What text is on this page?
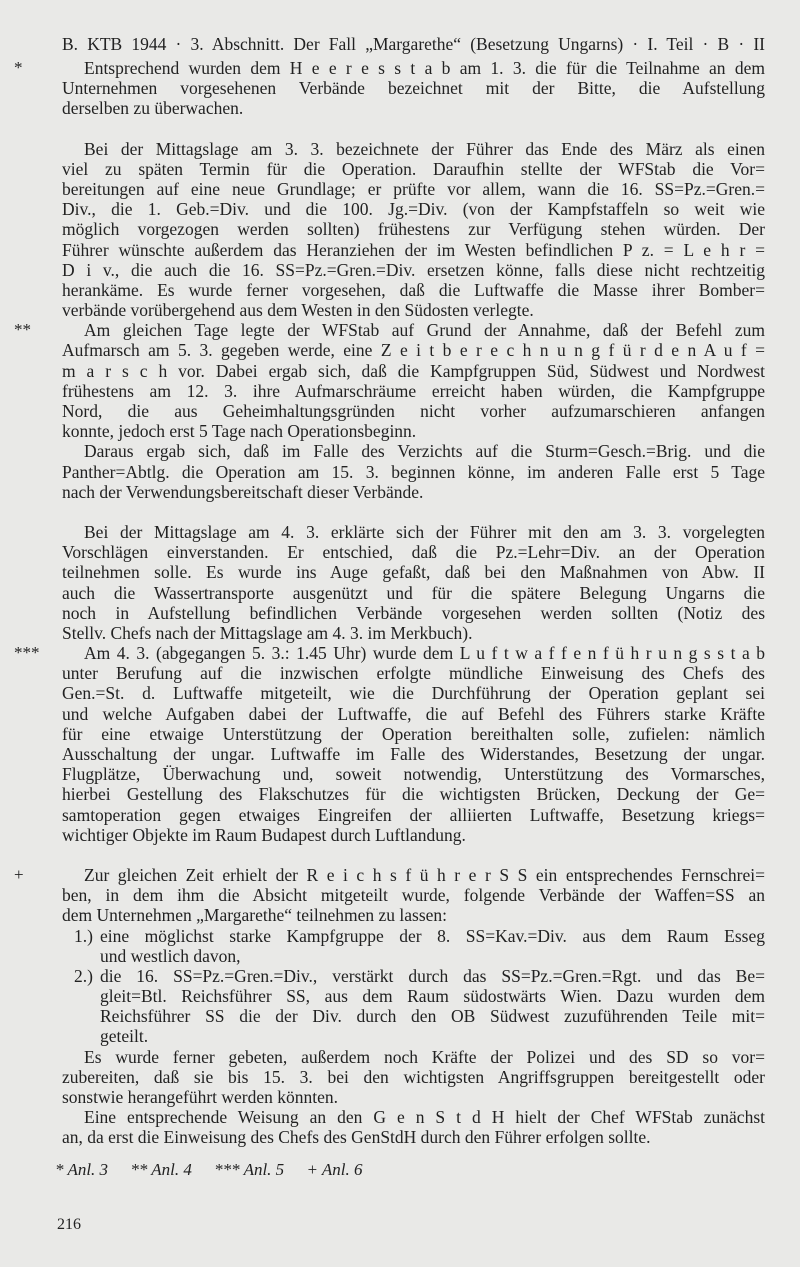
B. KTB 1944 · 3. Abschnitt. Der Fall „Margarethe“ (Besetzung Ungarns) · I. Teil · B · II
*	Entsprechend wurden dem H e e r e s s t a b am 1. 3. die für die Teilnahme an dem
Unternehmen vorgesehenen Verbände bezeichnet mit der Bitte, die Aufstellung
derselben zu überwachen.
Bei der Mittagslage am 3. 3. bezeichnete der Führer das Ende des März als einen
viel zu späten Termin für die Operation. Daraufhin stellte der WFStab die Vor=
bereitungen auf eine neue Grundlage; er prüfte vor allem, wann die 16. SS=Pz.=Gren.=
Div., die 1. Geb.=Div. und die 100. Jg.=Div. (von der Kampfstaffeln so weit wie
möglich vorgezogen werden sollten) frühestens zur Verfügung stehen würden. Der
Führer wünschte außerdem das Heranziehen der im Westen befindlichen P z. = L e h r =
D i v., die auch die 16. SS=Pz.=Gren.=Div. ersetzen könne, falls diese nicht rechtzeitig
herankäme. Es wurde ferner vorgesehen, daß die Luftwaffe die Masse ihrer Bomber=
verbände vorübergehend aus dem Westen in den Südosten verlegte.
**	Am gleichen Tage legte der WFStab auf Grund der Annahme, daß der Befehl zum
Aufmarsch am 5. 3. gegeben werde, eine Z e i t b e r e c h n u n g f ü r d e n A u f =
m a r s c h vor. Dabei ergab sich, daß die Kampfgruppen Süd, Südwest und Nordwest
frühestens am 12. 3. ihre Aufmarschräume erreicht haben würden, die Kampfgruppe
Nord, die aus Geheimhaltungsgründen nicht vorher aufzumarschieren anfangen
konnte, jedoch erst 5 Tage nach Operationsbeginn.
Daraus ergab sich, daß im Falle des Verzichts auf die Sturm=Gesch.=Brig. und die
Panther=Abtlg. die Operation am 15. 3. beginnen könne, im anderen Falle erst 5 Tage
nach der Verwendungsbereitschaft dieser Verbände.
Bei der Mittagslage am 4. 3. erklärte sich der Führer mit den am 3. 3. vorgelegten
Vorschlägen einverstanden. Er entschied, daß die Pz.=Lehr=Div. an der Operation
teilnehmen solle. Es wurde ins Auge gefaßt, daß bei den Maßnahmen von Abw. II
auch die Wassertransporte ausgenützt und für die spätere Belegung Ungarns die
noch in Aufstellung befindlichen Verbände vorgesehen werden sollten (Notiz des
Stellv. Chefs nach der Mittagslage am 4. 3. im Merkbuch).
***	Am 4. 3. (abgegangen 5. 3.: 1.45 Uhr) wurde dem L u f t w a f f e n f ü h r u n g s s t a b
unter Berufung auf die inzwischen erfolgte mündliche Einweisung des Chefs des
Gen.=St. d. Luftwaffe mitgeteilt, wie die Durchführung der Operation geplant sei
und welche Aufgaben dabei der Luftwaffe, die auf Befehl des Führers starke Kräfte
für eine etwaige Unterstützung der Operation bereithalten solle, zufielen: nämlich
Ausschaltung der ungar. Luftwaffe im Falle des Widerstandes, Besetzung der ungar.
Flugplätze, Überwachung und, soweit notwendig, Unterstützung des Vormarsches,
hierbei Gestellung des Flakschutzes für die wichtigsten Brücken, Deckung der Ge=
samtoperation gegen etwaiges Eingreifen der alliierten Luftwaffe, Besetzung kriegs=
wichtiger Objekte im Raum Budapest durch Luftlandung.
+	Zur gleichen Zeit erhielt der R e i c h s f ü h r e r S S ein entsprechendes Fernschrei=
ben, in dem ihm die Absicht mitgeteilt wurde, folgende Verbände der Waffen=SS an
dem Unternehmen „Margarethe“ teilnehmen zu lassen:
1.) eine möglichst starke Kampfgruppe der 8. SS=Kav.=Div. aus dem Raum Esseg
und westlich davon,
2.) die 16. SS=Pz.=Gren.=Div., verstärkt durch das SS=Pz.=Gren.=Rgt. und das Be=
gleit=Btl. Reichsführer SS, aus dem Raum südostwärts Wien. Dazu wurden dem
Reichsführer SS die der Div. durch den OB Südwest zuzuführenden Teile mit=
geteilt.
Es wurde ferner gebeten, außerdem noch Kräfte der Polizei und des SD so vor=
zubereiten, daß sie bis 15. 3. bei den wichtigsten Angriffsgruppen bereitgestellt oder
sonstwie herangeführt werden könnten.
Eine entsprechende Weisung an den G e n S t d H hielt der Chef WFStab zunächst
an, da erst die Einweisung des Chefs des GenStdH durch den Führer erfolgen sollte.
* Anl. 3 ** Anl. 4 *** Anl. 5 + Anl. 6
216
